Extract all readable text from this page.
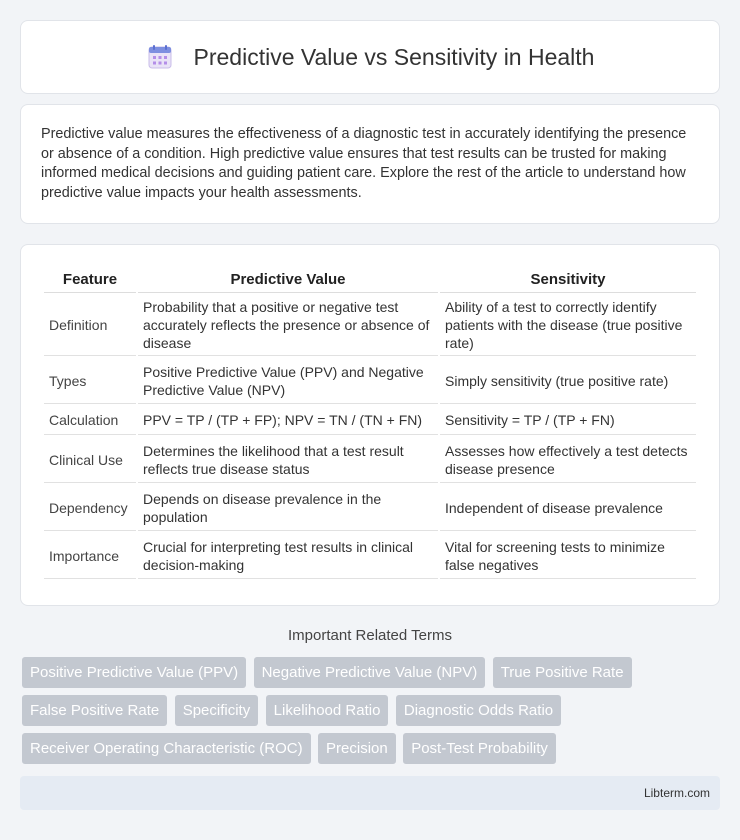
Predictive Value vs Sensitivity in Health

Predictive value measures the effectiveness of a diagnostic test in accurately identifying the presence or absence of a condition. High predictive value ensures that test results can be trusted for making informed medical decisions and guiding patient care. Explore the rest of the article to understand how predictive value impacts your health assessments.

Feature	Predictive Value	Sensitivity
Definition	Probability that a positive or negative test accurately reflects the presence or absence of disease	Ability of a test to correctly identify patients with the disease (true positive rate)
Types	Positive Predictive Value (PPV) and Negative Predictive Value (NPV)	Simply sensitivity (true positive rate)
Calculation	PPV = TP / (TP + FP); NPV = TN / (TN + FN)	Sensitivity = TP / (TP + FN)
Clinical Use	Determines the likelihood that a test result reflects true disease status	Assesses how effectively a test detects disease presence
Dependency	Depends on disease prevalence in the population	Independent of disease prevalence
Importance	Crucial for interpreting test results in clinical decision-making	Vital for screening tests to minimize false negatives
Important Related Terms
Positive Predictive Value (PPV) Negative Predictive Value (NPV) True Positive Rate
False Positive Rate Specificity Likelihood Ratio Diagnostic Odds Ratio
Receiver Operating Characteristic (ROC) Precision Post-Test Probability
Libterm.com
